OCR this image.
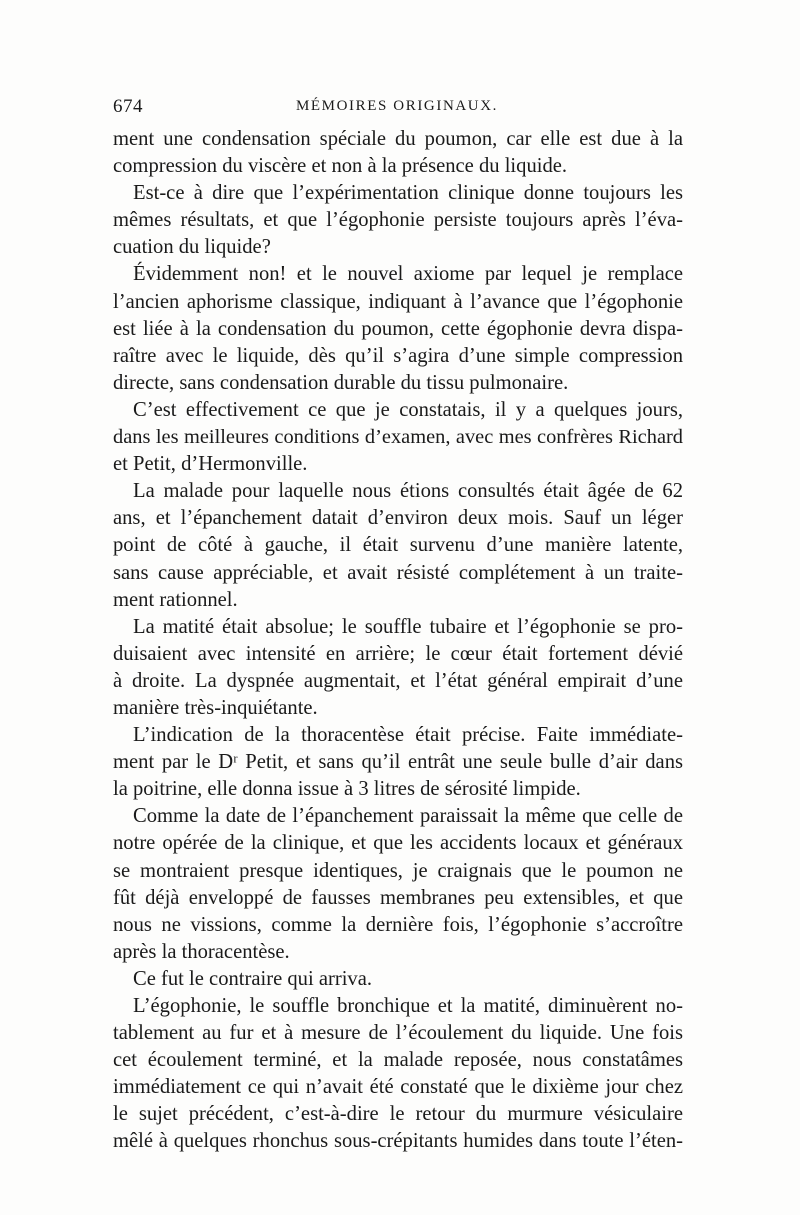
674	MÉMOIRES ORIGINAUX.
ment une condensation spéciale du poumon, car elle est due à la
compression du viscère et non à la présence du liquide.
Est-ce à dire que l’expérimentation clinique donne toujours les
mêmes résultats, et que l’égophonie persiste toujours après l’éva-
cuation du liquide?
Évidemment non! et le nouvel axiome par lequel je remplace
l’ancien aphorisme classique, indiquant à l’avance que l’égophonie
est liée à la condensation du poumon, cette égophonie devra dispa-
raître avec le liquide, dès qu’il s’agira d’une simple compression
directe, sans condensation durable du tissu pulmonaire.
C’est effectivement ce que je constatais, il y a quelques jours,
dans les meilleures conditions d’examen, avec mes confrères Richard
et Petit, d’Hermonville.
La malade pour laquelle nous étions consultés était âgée de 62
ans, et l’épanchement datait d’environ deux mois. Sauf un léger
point de côté à gauche, il était survenu d’une manière latente,
sans cause appréciable, et avait résisté complétement à un traite-
ment rationnel.
La matité était absolue; le souffle tubaire et l’égophonie se pro-
duisaient avec intensité en arrière; le cœur était fortement dévié
à droite. La dyspnée augmentait, et l’état général empirait d’une
manière très-inquiétante.
L’indication de la thoracentèse était précise. Faite immédiate-
ment par le Dʳ Petit, et sans qu’il entrât une seule bulle d’air dans
la poitrine, elle donna issue à 3 litres de sérosité limpide.
Comme la date de l’épanchement paraissait la même que celle de
notre opérée de la clinique, et que les accidents locaux et généraux
se montraient presque identiques, je craignais que le poumon ne
fût déjà enveloppé de fausses membranes peu extensibles, et que
nous ne vissions, comme la dernière fois, l’égophonie s’accroître
après la thoracentèse.
Ce fut le contraire qui arriva.
L’égophonie, le souffle bronchique et la matité, diminuèrent no-
tablement au fur et à mesure de l’écoulement du liquide. Une fois
cet écoulement terminé, et la malade reposée, nous constatâmes
immédiatement ce qui n’avait été constaté que le dixième jour chez
le sujet précédent, c’est-à-dire le retour du murmure vésiculaire
mêlé à quelques rhonchus sous-crépitants humides dans toute l’éten-
